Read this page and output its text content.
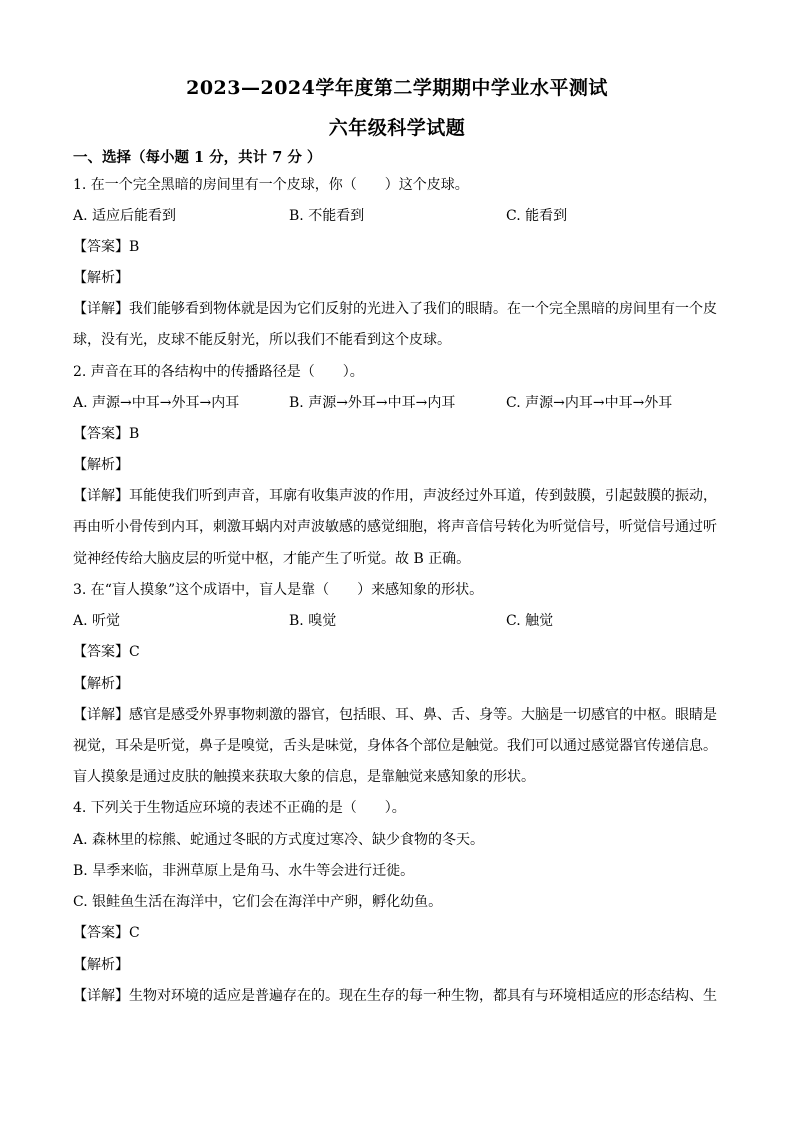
2023—2024学年度第二学期期中学业水平测试
六年级科学试题
一、选择（每小题 1 分，共计 7 分 ）
1. 在一个完全黑暗的房间里有一个皮球，你（　　）这个皮球。
A. 适应后能看到	B. 不能看到	C. 能看到
【答案】B
【解析】
【详解】我们能够看到物体就是因为它们反射的光进入了我们的眼睛。在一个完全黑暗的房间里有一个皮
球，没有光，皮球不能反射光，所以我们不能看到这个皮球。
2. 声音在耳的各结构中的传播路径是（　　）。
A. 声源→中耳→外耳→内耳	B. 声源→外耳→中耳→内耳	C. 声源→内耳→中耳→外耳
【答案】B
【解析】
【详解】耳能使我们听到声音，耳廓有收集声波的作用，声波经过外耳道，传到鼓膜，引起鼓膜的振动，
再由听小骨传到内耳，刺激耳蜗内对声波敏感的感觉细胞，将声音信号转化为听觉信号，听觉信号通过听
觉神经传给大脑皮层的听觉中枢，才能产生了听觉。故 B 正确。
3. 在“盲人摸象”这个成语中，盲人是靠（　　）来感知象的形状。
A. 听觉	B. 嗅觉	C. 触觉
【答案】C
【解析】
【详解】感官是感受外界事物刺激的器官，包括眼、耳、鼻、舌、身等。大脑是一切感官的中枢。眼睛是
视觉，耳朵是听觉，鼻子是嗅觉，舌头是味觉，身体各个部位是触觉。我们可以通过感觉器官传递信息。
盲人摸象是通过皮肤的触摸来获取大象的信息，是靠触觉来感知象的形状。
4. 下列关于生物适应环境的表述不正确的是（　　）。
A. 森林里的棕熊、蛇通过冬眠的方式度过寒冷、缺少食物的冬天。
B. 旱季来临，非洲草原上是角马、水牛等会进行迁徙。
C. 银鲑鱼生活在海洋中，它们会在海洋中产卵，孵化幼鱼。
【答案】C
【解析】
【详解】生物对环境的适应是普遍存在的。现在生存的每一种生物，都具有与环境相适应的形态结构、生
